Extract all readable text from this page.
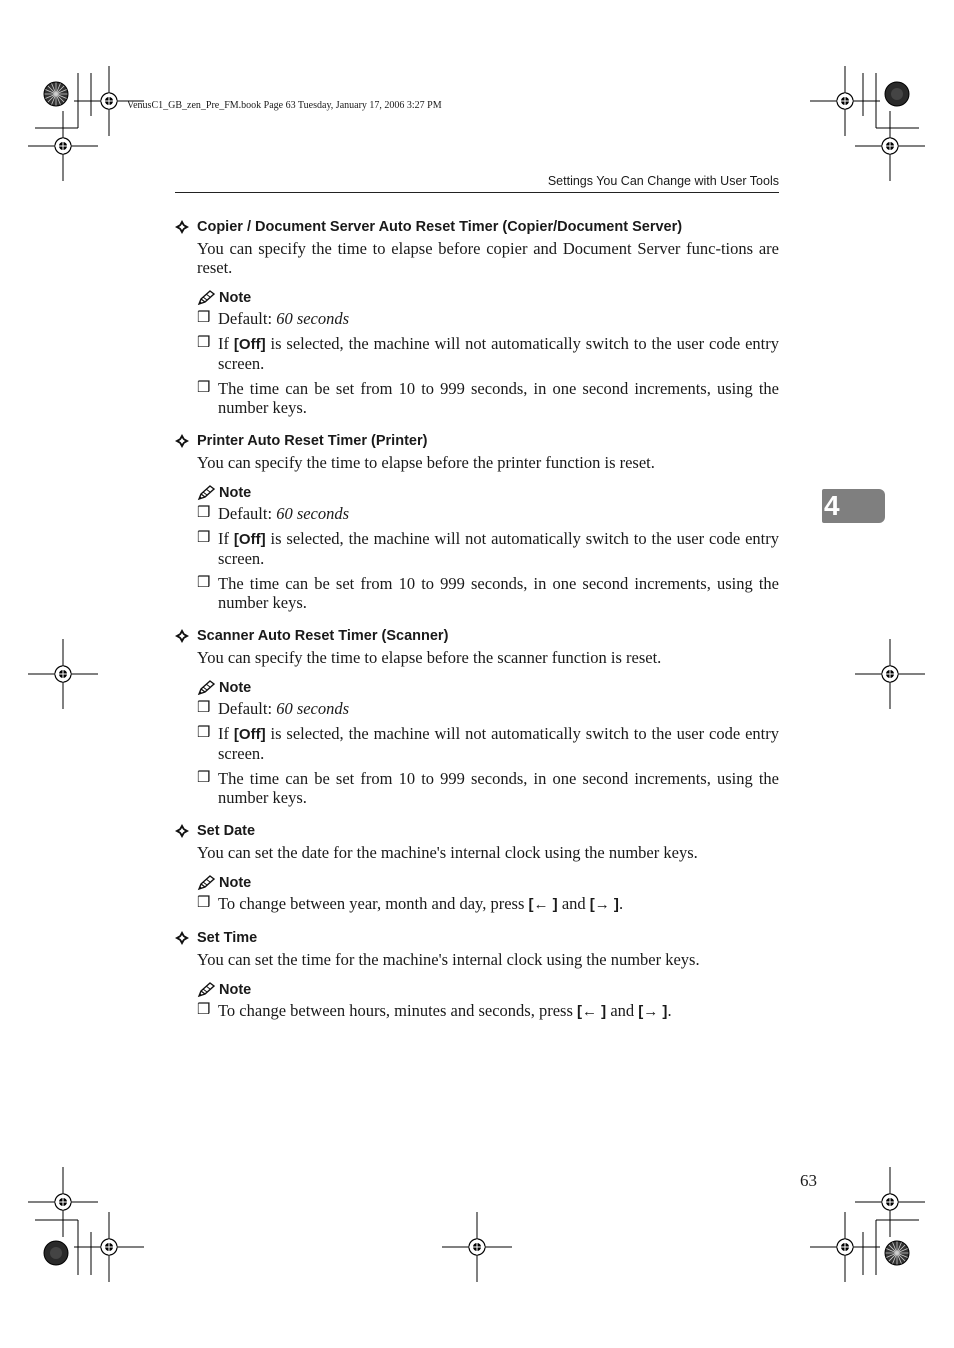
VenusC1_GB_zen_Pre_FM.book Page 63 Tuesday, January 17, 2006 3:27 PM
Settings You Can Change with User Tools
4
Copier / Document Server Auto Reset Timer (Copier/Document Server)
You can specify the time to elapse before copier and Document Server func-tions are reset.
Note
❒ Default: 60 seconds
❒ If [Off] is selected, the machine will not automatically switch to the user code entry screen.
❒ The time can be set from 10 to 999 seconds, in one second increments, using the number keys.
Printer Auto Reset Timer (Printer)
You can specify the time to elapse before the printer function is reset.
Note
❒ Default: 60 seconds
❒ If [Off] is selected, the machine will not automatically switch to the user code entry screen.
❒ The time can be set from 10 to 999 seconds, in one second increments, using the number keys.
Scanner Auto Reset Timer (Scanner)
You can specify the time to elapse before the scanner function is reset.
Note
❒ Default: 60 seconds
❒ If [Off] is selected, the machine will not automatically switch to the user code entry screen.
❒ The time can be set from 10 to 999 seconds, in one second increments, using the number keys.
Set Date
You can set the date for the machine's internal clock using the number keys.
Note
❒ To change between year, month and day, press [← ] and [→ ].
Set Time
You can set the time for the machine's internal clock using the number keys.
Note
❒ To change between hours, minutes and seconds, press [← ] and [→ ].
63
